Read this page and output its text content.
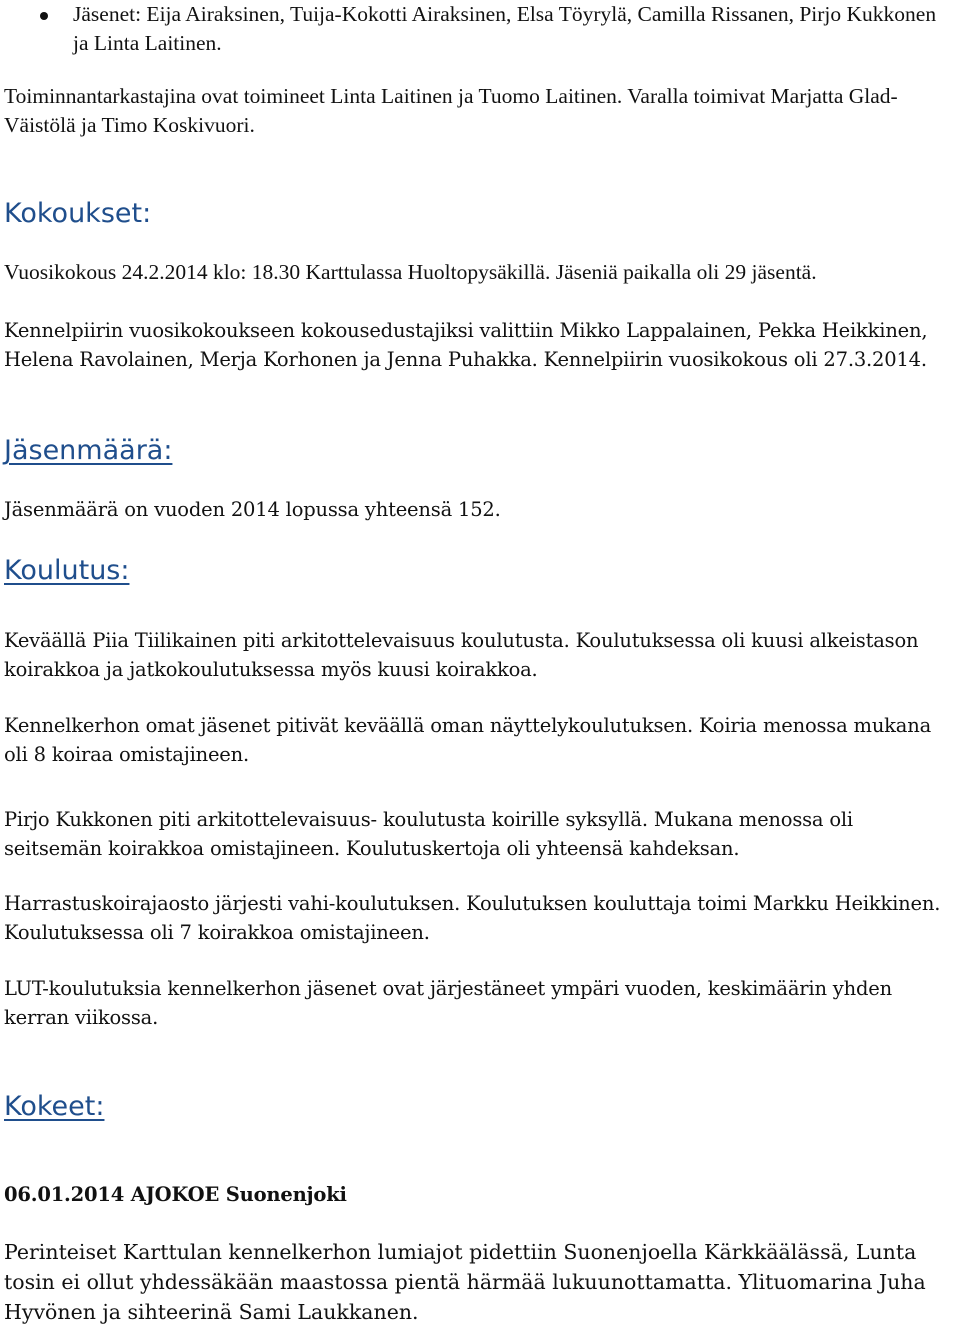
Jäsenet: Eija Airaksinen, Tuija-Kokotti Airaksinen, Elsa Töyrylä, Camilla Rissanen, Pirjo Kukkonen ja Linta Laitinen.

Toiminnantarkastajina ovat toimineet Linta Laitinen ja Tuomo Laitinen. Varalla toimivat Marjatta Glad-Väistölä ja Timo Koskivuori.

Kokoukset:

Vuosikokous 24.2.2014 klo: 18.30 Karttulassa Huoltopysäkillä. Jäseniä paikalla oli 29 jäsentä.

Kennelpiirin vuosikokoukseen kokousedustajiksi valittiin Mikko Lappalainen, Pekka Heikkinen, Helena Ravolainen, Merja Korhonen ja Jenna Puhakka. Kennelpiirin vuosikokous oli 27.3.2014.

Jäsenmäärä:

Jäsenmäärä on vuoden 2014 lopussa yhteensä 152.

Koulutus:

Keväällä Piia Tiilikainen piti arkitottelevaisuus koulutusta. Koulutuksessa oli kuusi alkeistason koirakkoa ja jatkokoulutuksessa myös kuusi koirakkoa.

Kennelkerhon omat jäsenet pitivät keväällä oman näyttelykoulutuksen. Koiria menossa mukana oli 8 koiraa omistajineen.

Pirjo Kukkonen piti arkitottelevaisuus- koulutusta koirille syksyllä. Mukana menossa oli seitsemän koirakkoa omistajineen. Koulutuskertoja oli yhteensä kahdeksan.

Harrastuskoirajaosto järjesti vahi-koulutuksen. Koulutuksen kouluttaja toimi Markku Heikkinen. Koulutuksessa oli 7 koirakkoa omistajineen.

LUT-koulutuksia kennelkerhon jäsenet ovat järjestäneet ympäri vuoden, keskimäärin yhden kerran viikossa.

Kokeet:

06.01.2014 AJOKOE Suonenjoki

Perinteiset Karttulan kennelkerhon lumiajot pidettiin Suonenjoella Kärkkäälässä, Lunta tosin ei ollut yhdessäkään maastossa pientä härmää lukuunottamatta. Ylituomarina Juha Hyvönen ja sihteerinä Sami Laukkanen.
